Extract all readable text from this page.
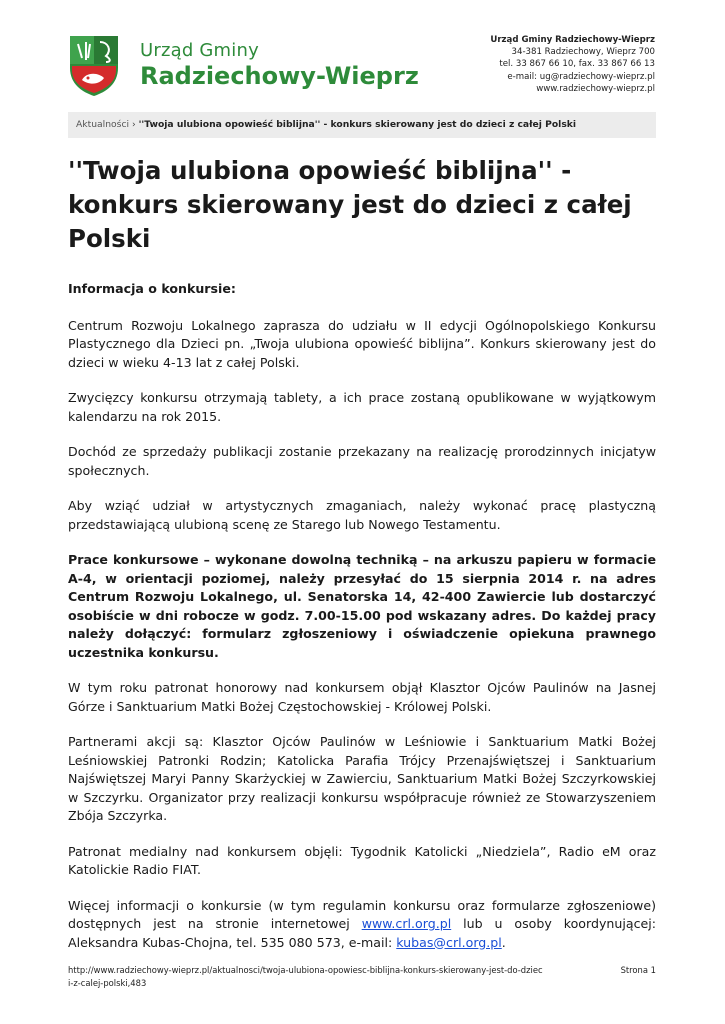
Urząd Gminy
Radziechowy-Wieprz
Urząd Gminy Radziechowy-Wieprz
34-381 Radziechowy, Wieprz 700
tel. 33 867 66 10, fax. 33 867 66 13
e-mail: ug@radziechowy-wieprz.pl
www.radziechowy-wieprz.pl
Aktualności › ''Twoja ulubiona opowieść biblijna'' - konkurs skierowany jest do dzieci z całej Polski
''Twoja ulubiona opowieść biblijna'' - konkurs skierowany jest do dzieci z całej Polski

Informacja o konkursie:

Centrum Rozwoju Lokalnego zaprasza do udziału w II edycji Ogólnopolskiego Konkursu Plastycznego dla Dzieci pn. „Twoja ulubiona opowieść biblijna”. Konkurs skierowany jest do dzieci w wieku 4-13 lat z całej Polski.

Zwycięzcy konkursu otrzymają tablety, a ich prace zostaną opublikowane w wyjątkowym kalendarzu na rok 2015.

Dochód ze sprzedaży publikacji zostanie przekazany na realizację prorodzinnych inicjatyw społecznych.

Aby wziąć udział w artystycznych zmaganiach, należy wykonać pracę plastyczną przedstawiającą ulubioną scenę ze Starego lub Nowego Testamentu.

Prace konkursowe – wykonane dowolną techniką – na arkuszu papieru w formacie A-4, w orientacji poziomej, należy przesyłać do 15 sierpnia 2014 r. na adres Centrum Rozwoju Lokalnego, ul. Senatorska 14, 42-400 Zawiercie lub dostarczyć osobiście w dni robocze w godz. 7.00-15.00 pod wskazany adres. Do każdej pracy należy dołączyć: formularz zgłoszeniowy i oświadczenie opiekuna prawnego uczestnika konkursu.

W tym roku patronat honorowy nad konkursem objął Klasztor Ojców Paulinów na Jasnej Górze i Sanktuarium Matki Bożej Częstochowskiej - Królowej Polski.

Partnerami akcji są: Klasztor Ojców Paulinów w Leśniowie i Sanktuarium Matki Bożej Leśniowskiej Patronki Rodzin; Katolicka Parafia Trójcy Przenajświętszej i Sanktuarium Najświętszej Maryi Panny Skarżyckiej w Zawierciu, Sanktuarium Matki Bożej Szczyrkowskiej w Szczyrku. Organizator przy realizacji konkursu współpracuje również ze Stowarzyszeniem Zbója Szczyrka.

Patronat medialny nad konkursem objęli: Tygodnik Katolicki „Niedziela”, Radio eM oraz Katolickie Radio FIAT.

Więcej informacji o konkursie (w tym regulamin konkursu oraz formularze zgłoszeniowe) dostępnych jest na stronie internetowej www.crl.org.pl lub u osoby koordynującej: Aleksandra Kubas-Chojna, tel. 535 080 573, e-mail: kubas@crl.org.pl.

http://www.radziechowy-wieprz.pl/aktualnosci/twoja-ulubiona-opowiesc-biblijna-konkurs-skierowany-jest-do-dzieci-z-calej-polski,483
Strona 1
